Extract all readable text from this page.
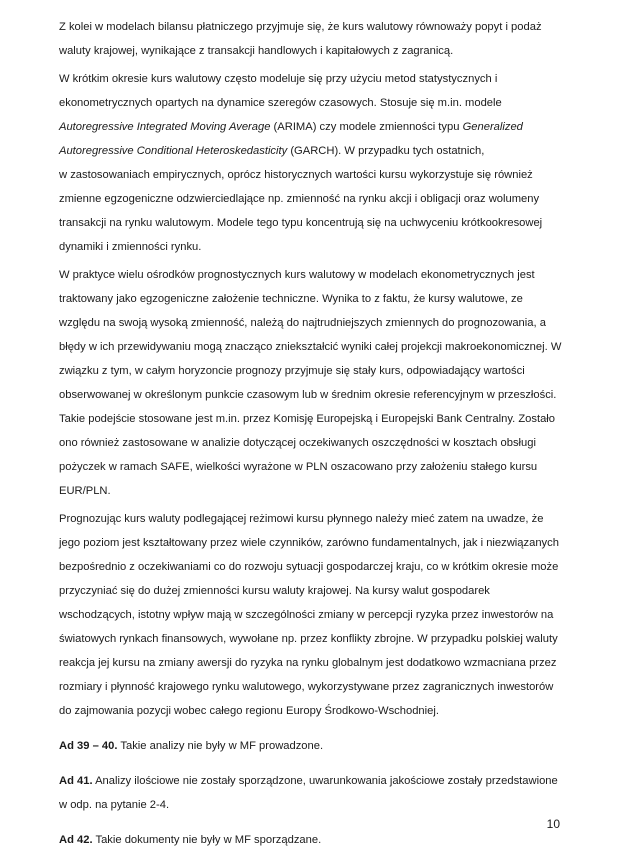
Z kolei w modelach bilansu płatniczego przyjmuje się, że kurs walutowy równoważy popyt i podaż
waluty krajowej, wynikające z transakcji handlowych i kapitałowych z zagranicą.

W krótkim okresie kurs walutowy często modeluje się przy użyciu metod statystycznych i
ekonometrycznych opartych na dynamice szeregów czasowych. Stosuje się m.in. modele
Autoregressive Integrated Moving Average (ARIMA) czy modele zmienności typu Generalized
Autoregressive Conditional Heteroskedasticity (GARCH). W przypadku tych ostatnich,
w zastosowaniach empirycznych, oprócz historycznych wartości kursu wykorzystuje się również
zmienne egzogeniczne odzwierciedlające np. zmienność na rynku akcji i obligacji oraz wolumeny
transakcji na rynku walutowym. Modele tego typu koncentrują się na uchwyceniu krótkookresowej
dynamiki i zmienności rynku.

W praktyce wielu ośrodków prognostycznych kurs walutowy w modelach ekonometrycznych jest
traktowany jako egzogeniczne założenie techniczne. Wynika to z faktu, że kursy walutowe, ze
względu na swoją wysoką zmienność, należą do najtrudniejszych zmiennych do prognozowania, a
błędy w ich przewidywaniu mogą znacząco zniekształcić wyniki całej projekcji makroekonomicznej. W
związku z tym, w całym horyzoncie prognozy przyjmuje się stały kurs, odpowiadający wartości
obserwowanej w określonym punkcie czasowym lub w średnim okresie referencyjnym w przeszłości.
Takie podejście stosowane jest m.in. przez Komisję Europejską i Europejski Bank Centralny. Zostało
ono również zastosowane w analizie dotyczącej oczekiwanych oszczędności w kosztach obsługi
pożyczek w ramach SAFE, wielkości wyrażone w PLN oszacowano przy założeniu stałego kursu
EUR/PLN.

Prognozując kurs waluty podlegającej reżimowi kursu płynnego należy mieć zatem na uwadze, że
jego poziom jest kształtowany przez wiele czynników, zarówno fundamentalnych, jak i niezwiązanych
bezpośrednio z oczekiwaniami co do rozwoju sytuacji gospodarczej kraju, co w krótkim okresie może
przyczyniać się do dużej zmienności kursu waluty krajowej. Na kursy walut gospodarek
wschodzących, istotny wpływ mają w szczególności zmiany w percepcji ryzyka przez inwestorów na
światowych rynkach finansowych, wywołane np. przez konflikty zbrojne. W przypadku polskiej waluty
reakcja jej kursu na zmiany awersji do ryzyka na rynku globalnym jest dodatkowo wzmacniana przez
rozmiary i płynność krajowego rynku walutowego, wykorzystywane przez zagranicznych inwestorów
do zajmowania pozycji wobec całego regionu Europy Środkowo-Wschodniej.

Ad 39 – 40. Takie analizy nie były w MF prowadzone.

Ad 41. Analizy ilościowe nie zostały sporządzone, uwarunkowania jakościowe zostały przedstawione
w odp. na pytanie 2-4.

Ad 42. Takie dokumenty nie były w MF sporządzane.

10
